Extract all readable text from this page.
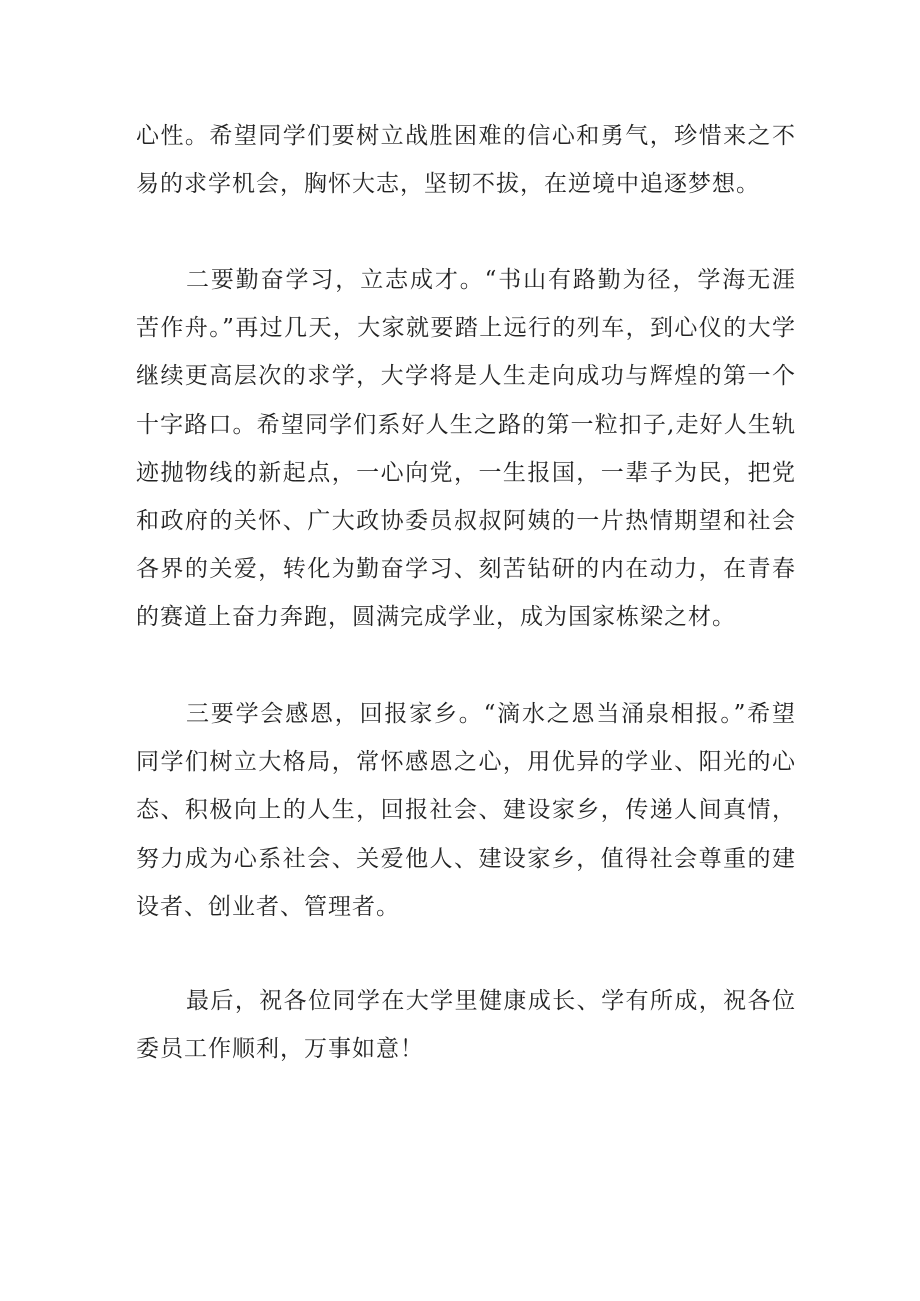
心性。希望同学们要树立战胜困难的信心和勇气，珍惜来之不易的求学机会，胸怀大志，坚韧不拔，在逆境中追逐梦想。

二要勤奋学习，立志成才。“书山有路勤为径，学海无涯苦作舟。”再过几天，大家就要踏上远行的列车，到心仪的大学继续更高层次的求学，大学将是人生走向成功与辉煌的第一个十字路口。希望同学们系好人生之路的第一粒扣子,走好人生轨迹抛物线的新起点，一心向党，一生报国，一辈子为民，把党和政府的关怀、广大政协委员叔叔阿姨的一片热情期望和社会各界的关爱，转化为勤奋学习、刻苦钻研的内在动力，在青春的赛道上奋力奔跑，圆满完成学业，成为国家栋梁之材。

三要学会感恩，回报家乡。“滴水之恩当涌泉相报。”希望同学们树立大格局，常怀感恩之心，用优异的学业、阳光的心态、积极向上的人生，回报社会、建设家乡，传递人间真情，努力成为心系社会、关爱他人、建设家乡，值得社会尊重的建设者、创业者、管理者。

最后，祝各位同学在大学里健康成长、学有所成，祝各位委员工作顺利，万事如意！
